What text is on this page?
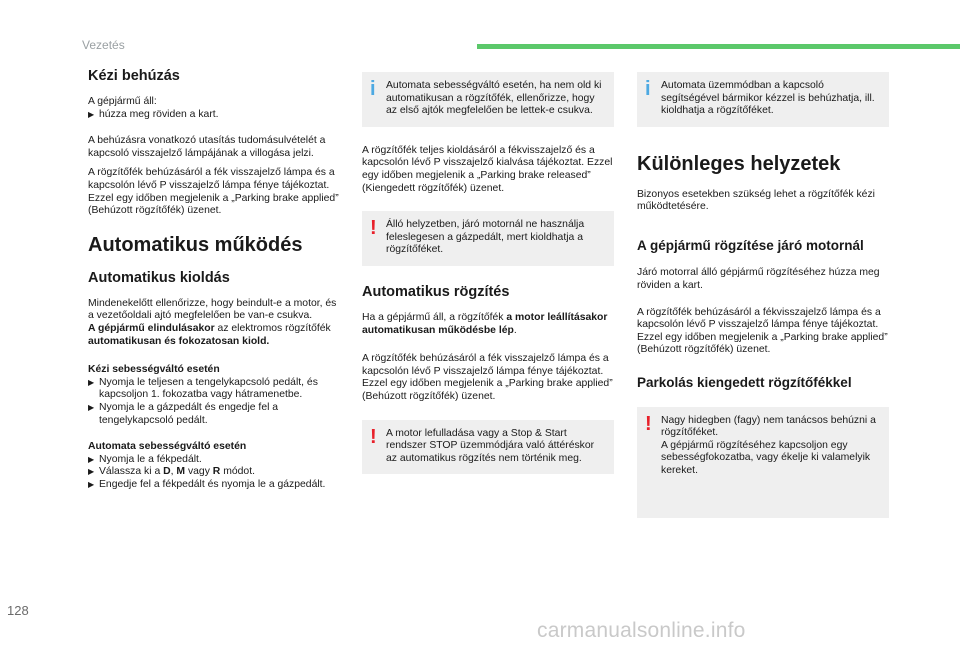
Vezetés
Kézi behúzás

A gépjármű áll:

▶ húzza meg röviden a kart.

A behúzásra vonatkozó utasítás tudomásulvételét a kapcsoló visszajelző lámpájának a villogása jelzi.

A rögzítőfék behúzásáról a fék visszajelző lámpa és a kapcsolón lévő P visszajelző lámpa fénye tájékoztat. Ezzel egy időben megjelenik a „Parking brake applied” (Behúzott rögzítőfék) üzenet.

Automatikus működés
Automatikus kioldás

Mindenekelőtt ellenőrizze, hogy beindult-e a motor, és a vezetőoldali ajtó megfelelően be van-e csukva.

A gépjármű elindulásakor az elektromos rögzítőfék automatikusan és fokozatosan kiold.

Kézi sebességváltó esetén

▶ Nyomja le teljesen a tengelykapcsoló pedált, és kapcsoljon 1. fokozatba vagy hátramenetbe.
▶ Nyomja le a gázpedált és engedje fel a tengelykapcsoló pedált.

Automata sebességváltó esetén

▶ Nyomja le a fékpedált.
▶ Válassza ki a D, M vagy R módot.
▶ Engedje fel a fékpedált és nyomja le a gázpedált.
i Automata sebességváltó esetén, ha nem old ki automatikusan a rögzítőfék, ellenőrizze, hogy az első ajtók megfelelően be lettek-e csukva.

A rögzítőfék teljes kioldásáról a fékvisszajelző és a kapcsolón lévő P visszajelző kialvása tájékoztat. Ezzel egy időben megjelenik a „Parking brake released” (Kiengedett rögzítőfék) üzenet.

! Álló helyzetben, járó motornál ne használja feleslegesen a gázpedált, mert kioldhatja a rögzítőféket.

Automatikus rögzítés

Ha a gépjármű áll, a rögzítőfék a motor leállításakor automatikusan működésbe lép.

A rögzítőfék behúzásáról a fék visszajelző lámpa és a kapcsolón lévő P visszajelző lámpa fénye tájékoztat. Ezzel egy időben megjelenik a „Parking brake applied” (Behúzott rögzítőfék) üzenet.

! A motor lefulladása vagy a Stop & Start rendszer STOP üzemmódjára való áttéréskor az automatikus rögzítés nem történik meg.

i Automata üzemmódban a kapcsoló segítségével bármikor kézzel is behúzhatja, ill. kioldhatja a rögzítőféket.

Különleges helyzetek

Bizonyos esetekben szükség lehet a rögzítőfék kézi működtetésére.

A gépjármű rögzítése járó motornál

Járó motorral álló gépjármű rögzítéséhez húzza meg röviden a kart.

A rögzítőfék behúzásáról a fékvisszajelző lámpa és a kapcsolón lévő P visszajelző lámpa fénye tájékoztat. Ezzel egy időben megjelenik a „Parking brake applied” (Behúzott rögzítőfék) üzenet.

Parkolás kiengedett rögzítőfékkel
! Nagy hidegben (fagy) nem tanácsos behúzni a rögzítőféket.
A gépjármű rögzítéséhez kapcsoljon egy sebességfokozatba, vagy ékelje ki valamelyik kereket.

128
carmanualsonline.info
